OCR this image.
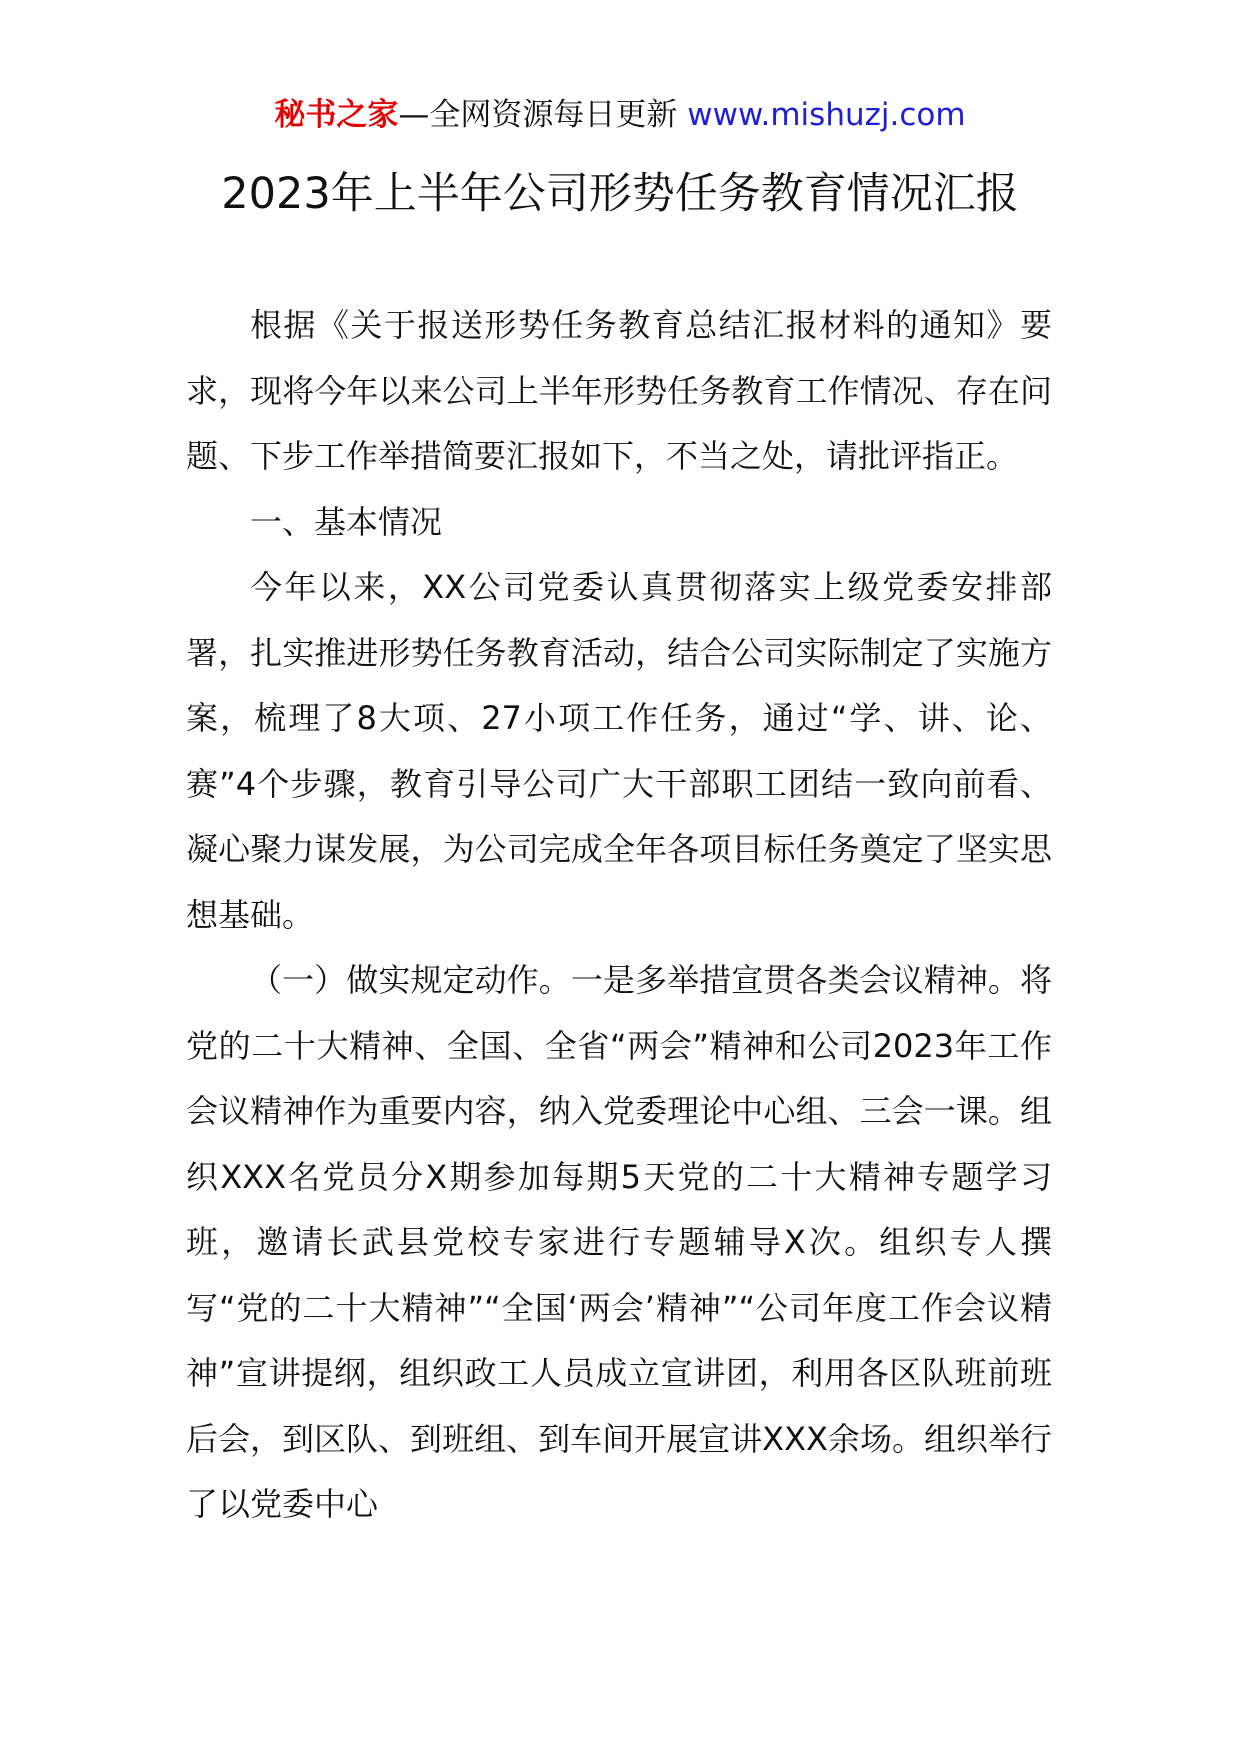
秘书之家—全网资源每日更新 www.mishuzj.com
2023年上半年公司形势任务教育情况汇报

根据《关于报送形势任务教育总结汇报材料的通知》要求，现将今年以来公司上半年形势任务教育工作情况、存在问题、下步工作举措简要汇报如下，不当之处，请批评指正。

一、基本情况

今年以来，XX公司党委认真贯彻落实上级党委安排部署，扎实推进形势任务教育活动，结合公司实际制定了实施方案，梳理了8大项、27小项工作任务，通过“学、讲、论、赛”4个步骤，教育引导公司广大干部职工团结一致向前看、凝心聚力谋发展，为公司完成全年各项目标任务奠定了坚实思想基础。

（一）做实规定动作。一是多举措宣贯各类会议精神。将党的二十大精神、全国、全省“两会”精神和公司2023年工作会议精神作为重要内容，纳入党委理论中心组、三会一课。组织XXX名党员分X期参加每期5天党的二十大精神专题学习班，邀请长武县党校专家进行专题辅导X次。组织专人撰写“党的二十大精神”“全国‘两会’精神”“公司年度工作会议精神”宣讲提纲，组织政工人员成立宣讲团，利用各区队班前班后会，到区队、到班组、到车间开展宣讲XXX余场。组织举行了以党委中心
